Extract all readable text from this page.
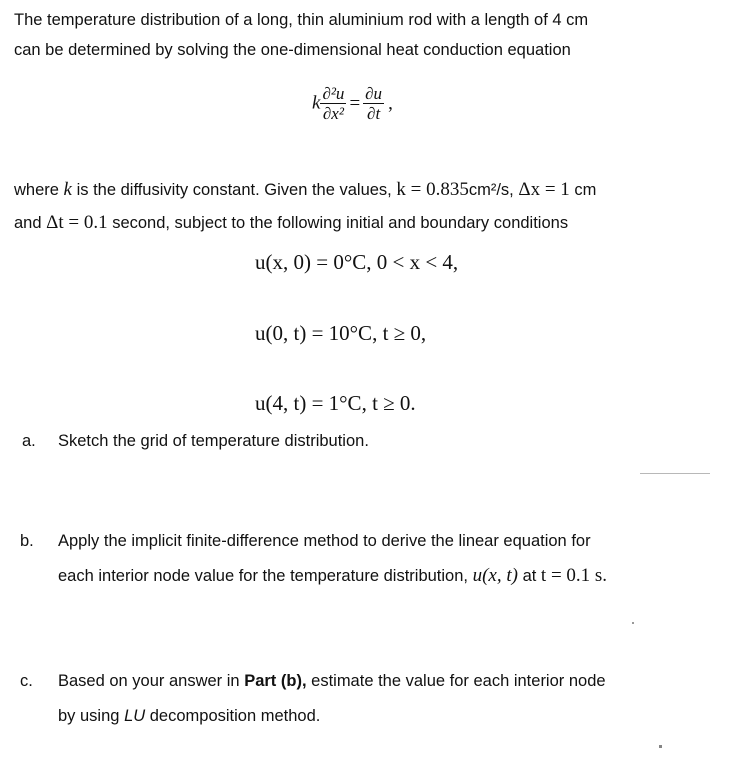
The temperature distribution of a long, thin aluminium rod with a length of 4 cm
can be determined by solving the one-dimensional heat conduction equation
k $\frac{\text{∂²u}}{\text{∂x²}} = \frac{\partial u}{\partial t}$ ,
where k is the diffusivity constant. Given the values, k = 0.835cm²/s, Δx = 1 cm
and Δt = 0.1 second, subject to the following initial and boundary conditions
u(x, 0) = 0°C, 0 < x < 4,
u(0, t) = 10°C, t ≥ 0,
u(4, t) = 1°C, t ≥ 0.
a. Sketch the grid of temperature distribution.
b. Apply the implicit finite-difference method to derive the linear equation for
each interior node value for the temperature distribution, u(x, t) at t = 0.1 s.
c. Based on your answer in Part (b), estimate the value for each interior node
by using LU decomposition method.
